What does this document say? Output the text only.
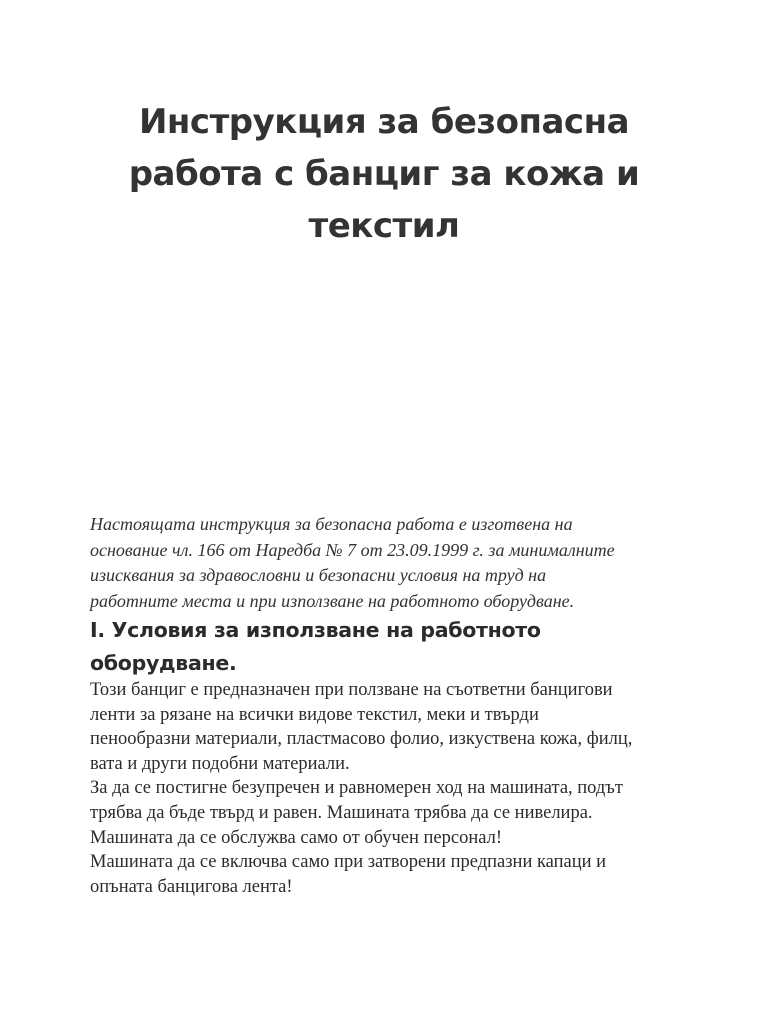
Инструкция за безопасна
работа с банциг за кожа и
текстил

Настоящата инструкция за безопасна работа е изготвена на
основание чл. 166 от Наредба № 7 от 23.09.1999 г. за минималните
изисквания за здравословни и безопасни условия на труд на
работните места и при използване на работното оборудване.

I. Условия за използване на работното
оборудване.

Този банциг е предназначен при ползване на съответни банцигови
ленти за рязане на всички видове текстил, меки и твърди
пенообразни материали, пластмасово фолио, изкуствена кожа, филц,
вата и други подобни материали.
За да се постигне безупречен и равномерен ход на машината, подът
трябва да бъде твърд и равен. Машината трябва да се нивелира.
Машината да се обслужва само от обучен персонал!
Машината да се включва само при затворени предпазни капаци и
опъната банцигова лента!
